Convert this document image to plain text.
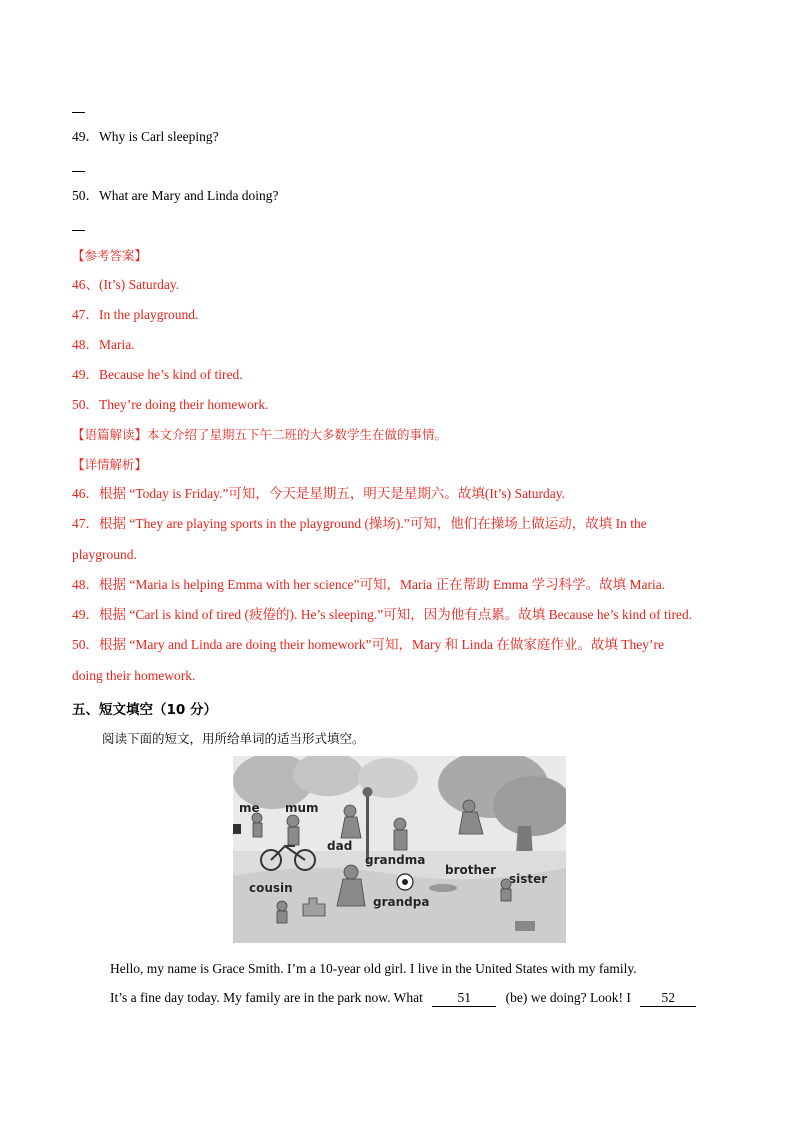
49．Why is Carl sleeping?
50．What are Mary and Linda doing?
【参考答案】
46、(It’s) Saturday.
47．In the playground.
48．Maria.
49．Because he’s kind of tired.
50．They’re doing their homework.
【语篇解读】本文介绍了星期五下午二班的大多数学生在做的事情。
【详情解析】
46．根据 “Today is Friday.”可知，今天是星期五，明天是星期六。故填(It’s) Saturday.
47．根据 “They are playing sports in the playground (操场).”可知，他们在操场上做运动，故填 In the
playground.
48．根据 “Maria is helping Emma with her science”可知，Maria 正在帮助 Emma 学习科学。故填 Maria.
49．根据 “Carl is kind of tired (疲倦的). He’s sleeping.”可知，因为他有点累。故填 Because he’s kind of tired.
50．根据 “Mary and Linda are doing their homework”可知，Mary 和 Linda 在做家庭作业。故填 They’re
doing their homework.
五、短文填空（10 分）
阅读下面的短文，用所给单词的适当形式填空。
me mum
dad
grandma
brother
sister
cousin
grandpa
Hello, my name is Grace Smith. I’m a 10-year old girl. I live in the United States with my family.
It’s a fine day today. My family are in the park now. What	51	(be) we doing? Look! I 52
